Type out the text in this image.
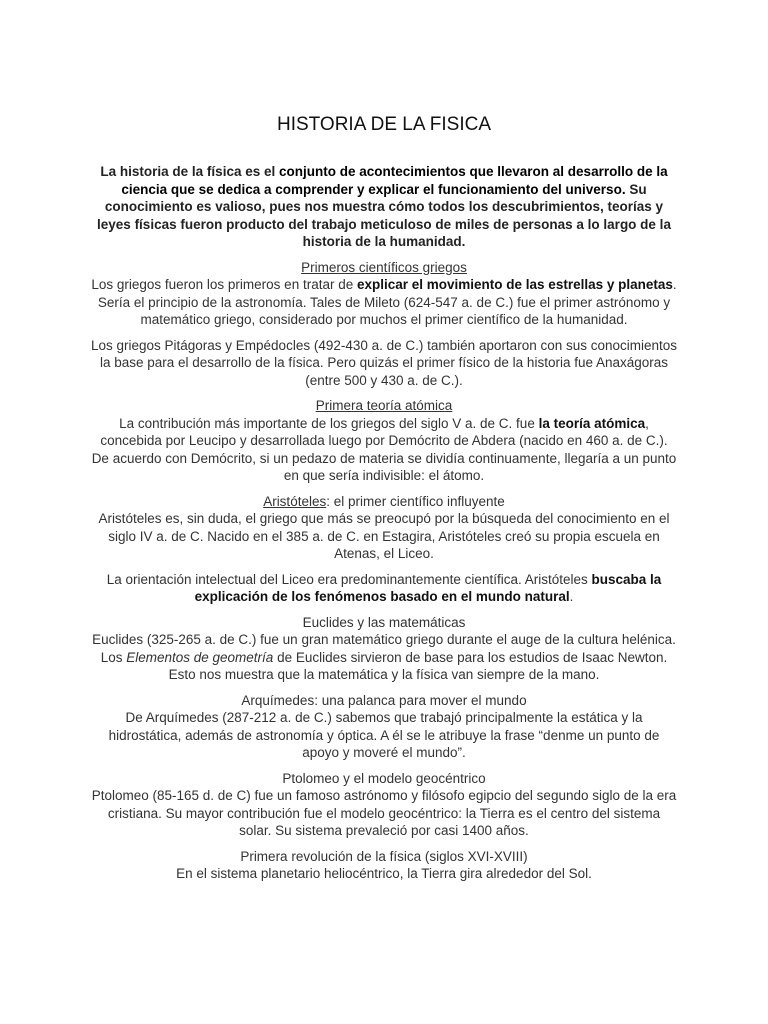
HISTORIA DE LA FISICA
La historia de la física es el conjunto de acontecimientos que llevaron al desarrollo de la ciencia que se dedica a comprender y explicar el funcionamiento del universo. Su conocimiento es valioso, pues nos muestra cómo todos los descubrimientos, teorías y leyes físicas fueron producto del trabajo meticuloso de miles de personas a lo largo de la historia de la humanidad.
Primeros científicos griegos
Los griegos fueron los primeros en tratar de explicar el movimiento de las estrellas y planetas. Sería el principio de la astronomía. Tales de Mileto (624-547 a. de C.) fue el primer astrónomo y matemático griego, considerado por muchos el primer científico de la humanidad.
Los griegos Pitágoras y Empédocles (492-430 a. de C.) también aportaron con sus conocimientos la base para el desarrollo de la física. Pero quizás el primer físico de la historia fue Anaxágoras (entre 500 y 430 a. de C.).
Primera teoría atómica
La contribución más importante de los griegos del siglo V a. de C. fue la teoría atómica, concebida por Leucipo y desarrollada luego por Demócrito de Abdera (nacido en 460 a. de C.). De acuerdo con Demócrito, si un pedazo de materia se dividía continuamente, llegaría a un punto en que sería indivisible: el átomo.
Aristóteles: el primer científico influyente
Aristóteles es, sin duda, el griego que más se preocupó por la búsqueda del conocimiento en el siglo IV a. de C. Nacido en el 385 a. de C. en Estagira, Aristóteles creó su propia escuela en Atenas, el Liceo.
La orientación intelectual del Liceo era predominantemente científica. Aristóteles buscaba la explicación de los fenómenos basado en el mundo natural.
Euclides y las matemáticas
Euclides (325-265 a. de C.) fue un gran matemático griego durante el auge de la cultura helénica. Los Elementos de geometría de Euclides sirvieron de base para los estudios de Isaac Newton. Esto nos muestra que la matemática y la física van siempre de la mano.
Arquímedes: una palanca para mover el mundo
De Arquímedes (287-212 a. de C.) sabemos que trabajó principalmente la estática y la hidrostática, además de astronomía y óptica. A él se le atribuye la frase “denme un punto de apoyo y moveré el mundo”.
Ptolomeo y el modelo geocéntrico
Ptolomeo (85-165 d. de C) fue un famoso astrónomo y filósofo egipcio del segundo siglo de la era cristiana. Su mayor contribución fue el modelo geocéntrico: la Tierra es el centro del sistema solar. Su sistema prevaleció por casi 1400 años.
Primera revolución de la física (siglos XVI-XVIII)
En el sistema planetario heliocéntrico, la Tierra gira alrededor del Sol.
